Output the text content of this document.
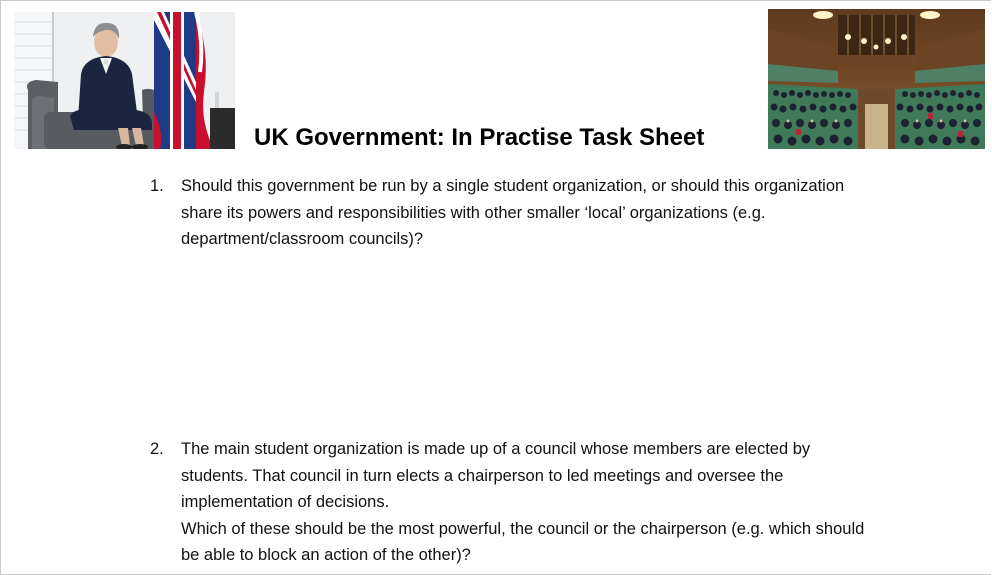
UK Government: In Practise Task Sheet
1. Should this government be run by a single student organization, or should this organization share its powers and responsibilities with other smaller ‘local’ organizations (e.g. department/classroom councils)?

2. The main student organization is made up of a council whose members are elected by students. That council in turn elects a chairperson to led meetings and oversee the implementation of decisions.

Which of these should be the most powerful, the council or the chairperson (e.g. which should be able to block an action of the other)?
